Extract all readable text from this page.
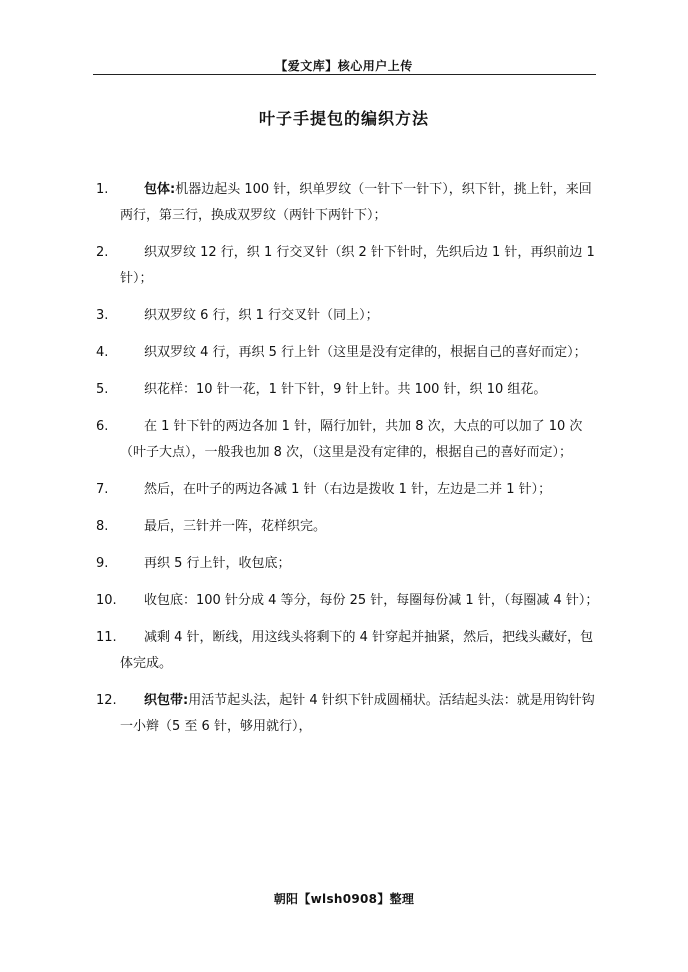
【爱文库】核心用户上传
叶子手提包的编织方法
1.	包体:机器边起头 100 针，织单罗纹（一针下一针下），织下针，挑上针，来回两行，第三行，换成双罗纹（两针下两针下）；
2.	织双罗纹 12 行，织 1 行交叉针（织 2 针下针时，先织后边 1 针，再织前边 1 针）；
3.	织双罗纹 6 行，织 1 行交叉针（同上）；
4.	织双罗纹 4 行，再织 5 行上针（这里是没有定律的，根据自己的喜好而定）；
5.	织花样：10 针一花，1 针下针，9 针上针。共 100 针，织 10 组花。
6.	在 1 针下针的两边各加 1 针，隔行加针，共加 8 次，大点的可以加了 10 次（叶子大点），一般我也加 8 次，（这里是没有定律的，根据自己的喜好而定）；
7.	然后，在叶子的两边各减 1 针（右边是拨收 1 针，左边是二并 1 针）；
8.	最后，三针并一阵，花样织完。
9.	再织 5 行上针，收包底；
10.	收包底：100 针分成 4 等分，每份 25 针，每圈每份减 1 针，（每圈减 4 针）；
11.	减剩 4 针，断线，用这线头将剩下的 4 针穿起并抽紧，然后，把线头藏好，包体完成。
12.	织包带:用活节起头法，起针 4 针织下针成圆桶状。活结起头法：就是用钩针钩一小辫（5 至 6 针，够用就行），
朝阳【wlsh0908】整理
